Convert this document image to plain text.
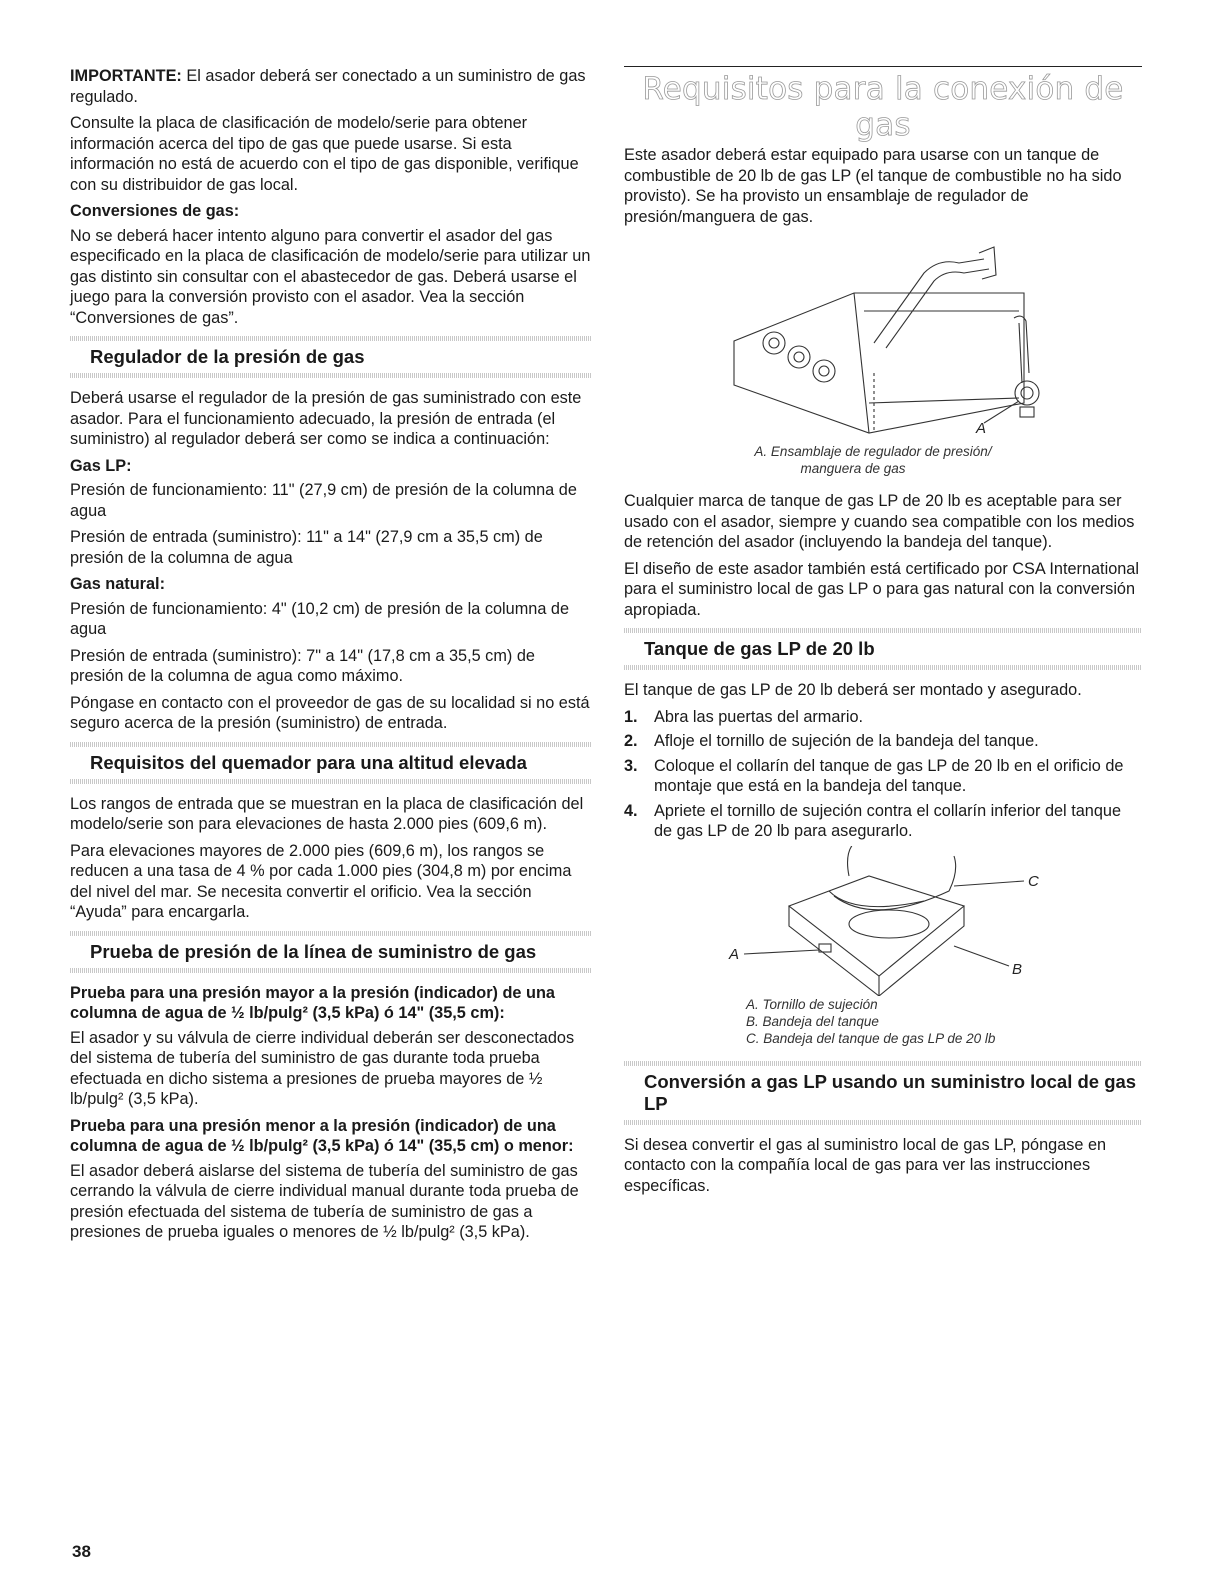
IMPORTANTE: El asador deberá ser conectado a un suministro de gas regulado.

Consulte la placa de clasificación de modelo/serie para obtener información acerca del tipo de gas que puede usarse. Si esta información no está de acuerdo con el tipo de gas disponible, verifique con su distribuidor de gas local.

Conversiones de gas:

No se deberá hacer intento alguno para convertir el asador del gas especificado en la placa de clasificación de modelo/serie para utilizar un gas distinto sin consultar con el abastecedor de gas. Deberá usarse el juego para la conversión provisto con el asador. Vea la sección “Conversiones de gas”.

Regulador de la presión de gas

Deberá usarse el regulador de la presión de gas suministrado con este asador. Para el funcionamiento adecuado, la presión de entrada (el suministro) al regulador deberá ser como se indica a continuación:

Gas LP:

Presión de funcionamiento: 11" (27,9 cm) de presión de la columna de agua

Presión de entrada (suministro): 11" a 14" (27,9 cm a 35,5 cm) de presión de la columna de agua

Gas natural:

Presión de funcionamiento: 4" (10,2 cm) de presión de la columna de agua

Presión de entrada (suministro): 7" a 14" (17,8 cm a 35,5 cm) de presión de la columna de agua como máximo.

Póngase en contacto con el proveedor de gas de su localidad si no está seguro acerca de la presión (suministro) de entrada.

Requisitos del quemador para una altitud elevada

Los rangos de entrada que se muestran en la placa de clasificación del modelo/serie son para elevaciones de hasta 2.000 pies (609,6 m).

Para elevaciones mayores de 2.000 pies (609,6 m), los rangos se reducen a una tasa de 4 % por cada 1.000 pies (304,8 m) por encima del nivel del mar. Se necesita convertir el orificio. Vea la sección “Ayuda” para encargarla.

Prueba de presión de la línea de suministro de gas
Prueba para una presión mayor a la presión (indicador) de una columna de agua de ½ lb/pulg² (3,5 kPa) ó 14" (35,5 cm):

El asador y su válvula de cierre individual deberán ser desconectados del sistema de tubería del suministro de gas durante toda prueba efectuada en dicho sistema a presiones de prueba mayores de ½ lb/pulg² (3,5 kPa).

Prueba para una presión menor a la presión (indicador) de una columna de agua de ½ lb/pulg² (3,5 kPa) ó 14" (35,5 cm) o menor:

El asador deberá aislarse del sistema de tubería del suministro de gas cerrando la válvula de cierre individual manual durante toda prueba de presión efectuada del sistema de tubería de suministro de gas a presiones de prueba iguales o menores de ½ lb/pulg² (3,5 kPa).

Requisitos para la conexión de gas

Este asador deberá estar equipado para usarse con un tanque de combustible de 20 lb de gas LP (el tanque de combustible no ha sido provisto). Se ha provisto un ensamblaje de regulador de presión/manguera de gas.

A
A. Ensamblaje de regulador de presión/
manguera de gas

Cualquier marca de tanque de gas LP de 20 lb es aceptable para ser usado con el asador, siempre y cuando sea compatible con los medios de retención del asador (incluyendo la bandeja del tanque).

El diseño de este asador también está certificado por CSA International para el suministro local de gas LP o para gas natural con la conversión apropiada.

Tanque de gas LP de 20 lb

El tanque de gas LP de 20 lb deberá ser montado y asegurado.

1.	Abra las puertas del armario.
2.	Afloje el tornillo de sujeción de la bandeja del tanque.
3.	Coloque el collarín del tanque de gas LP de 20 lb en el orificio de montaje que está en la bandeja del tanque.
4.	Apriete el tornillo de sujeción contra el collarín inferior del tanque de gas LP de 20 lb para asegurarlo.
A
B
C
A. Tornillo de sujeción
B. Bandeja del tanque
C. Bandeja del tanque de gas LP de 20 lb
Conversión a gas LP usando un suministro local de gas LP

Si desea convertir el gas al suministro local de gas LP, póngase en contacto con la compañía local de gas para ver las instrucciones específicas.

38
